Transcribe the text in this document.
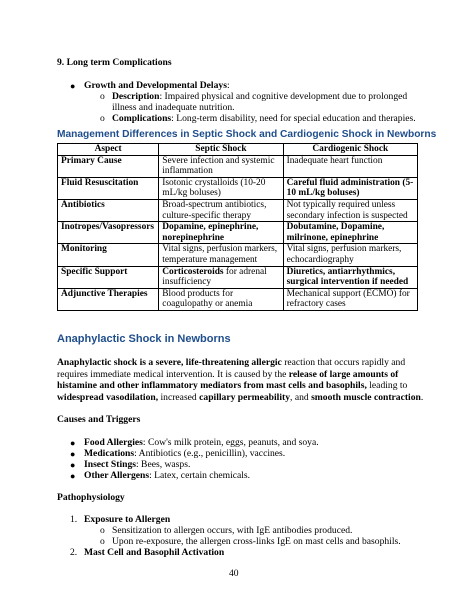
9. Long term Complications
● Growth and Developmental Delays:
o Description: Impaired physical and cognitive development due to prolonged
illness and inadequate nutrition.
o Complications: Long-term disability, need for special education and therapies.
Management Differences in Septic Shock and Cardiogenic Shock in Newborns
Aspect	Septic Shock	Cardiogenic Shock
Primary Cause	Severe infection and systemic inflammation	Inadequate heart function
Fluid Resuscitation	Isotonic crystalloids (10-20 mL/kg boluses)	Careful fluid administration (5-10 mL/kg boluses)
Antibiotics	Broad-spectrum antibiotics, culture-specific therapy	Not typically required unless secondary infection is suspected
Inotropes/Vasopressors	Dopamine, epinephrine, norepinephrine	Dobutamine, Dopamine, milrinone, epinephrine
Monitoring	Vital signs, perfusion markers, temperature management	Vital signs, perfusion markers, echocardiography
Specific Support	Corticosteroids for adrenal insufficiency	Diuretics, antiarrhythmics, surgical intervention if needed
Adjunctive Therapies	Blood products for coagulopathy or anemia	Mechanical support (ECMO) for refractory cases
Anaphylactic Shock in Newborns
Anaphylactic shock is a severe, life-threatening allergic reaction that occurs rapidly and
requires immediate medical intervention. It is caused by the release of large amounts of
histamine and other inflammatory mediators from mast cells and basophils, leading to
widespread vasodilation, increased capillary permeability, and smooth muscle contraction.
Causes and Triggers
● Food Allergies: Cow's milk protein, eggs, peanuts, and soya.
● Medications: Antibiotics (e.g., penicillin), vaccines.
● Insect Stings: Bees, wasps.
● Other Allergens: Latex, certain chemicals.
Pathophysiology
1. Exposure to Allergen
o Sensitization to allergen occurs, with IgE antibodies produced.
o Upon re-exposure, the allergen cross-links IgE on mast cells and basophils.
2. Mast Cell and Basophil Activation
40
